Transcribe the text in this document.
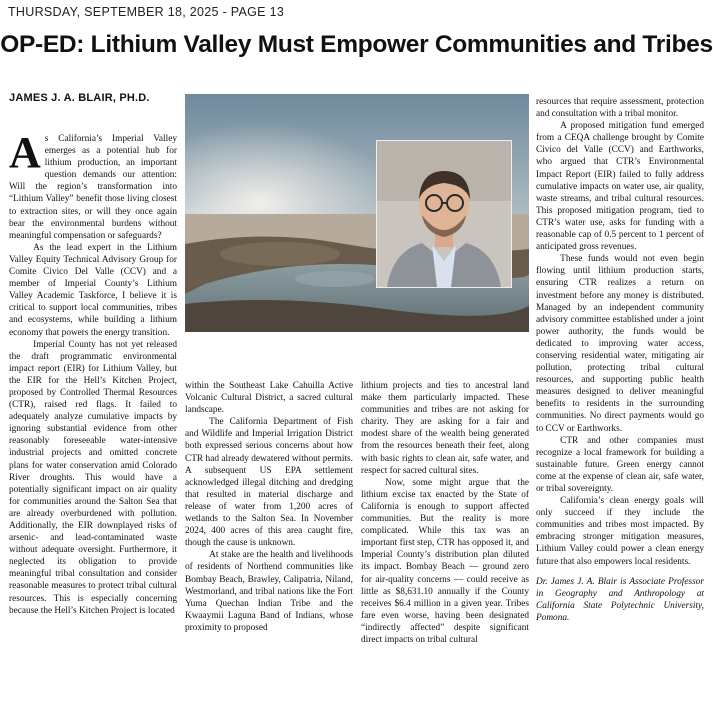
THURSDAY, SEPTEMBER 18, 2025 - PAGE 13
OP-ED: Lithium Valley Must Empower Communities and Tribes
JAMES J. A. BLAIR, PH.D.

As California’s Imperial Valley emerges as a potential hub for lithium production, an important question demands our attention: Will the region’s transformation into “Lithium Valley” benefit those living closest to extraction sites, or will they once again bear the environmental burdens without meaningful compensation or safeguards?

As the lead expert in the Lithium Valley Equity Technical Advisory Group for Comite Civico Del Valle (CCV) and a member of Imperial County’s Lithium Valley Academic Taskforce, I believe it is critical to support local communities, tribes and ecosystems, while building a lithium economy that powers the energy transition.

Imperial County has not yet released the draft programmatic environmental impact report (EIR) for Lithium Valley, but the EIR for the Hell’s Kitchen Project, proposed by Controlled Thermal Resources (CTR), raised red flags. It failed to adequately analyze cumulative impacts by ignoring substantial evidence from other reasonably foreseeable water-intensive industrial projects and omitted concrete plans for water conservation amid Colorado River droughts. This would have a potentially significant impact on air quality for communities around the Salton Sea that are already overburdened with pollution. Additionally, the EIR downplayed risks of arsenic- and lead-contaminated waste without adequate oversight. Furthermore, it neglected its obligation to provide meaningful tribal consultation and consider reasonable measures to protect tribal cultural resources. This is especially concerning because the Hell’s Kitchen Project is located

within the Southeast Lake Cahuilla Active Volcanic Cultural District, a sacred cultural landscape.

The California Department of Fish and Wildlife and Imperial Irrigation District both expressed serious concerns about how CTR had already dewatered without permits. A subsequent US EPA settlement acknowledged illegal ditching and dredging that resulted in material discharge and release of water from 1,200 acres of wetlands to the Salton Sea. In November 2024, 400 acres of this area caught fire, though the cause is unknown.

At stake are the health and livelihoods of residents of Northend communities like Bombay Beach, Brawley, Calipatria, Niland, Westmorland, and tribal nations like the Fort Yuma Quechan Indian Tribe and the Kwaaymii Laguna Band of Indians, whose proximity to proposed

lithium projects and ties to ancestral land make them particularly impacted. These communities and tribes are not asking for charity. They are asking for a fair and modest share of the wealth being generated from the resources beneath their feet, along with basic rights to clean air, safe water, and respect for sacred cultural sites.

Now, some might argue that the lithium excise tax enacted by the State of California is enough to support affected communities. But the reality is more complicated. While this tax was an important first step, CTR has opposed it, and Imperial County’s distribution plan diluted its impact. Bombay Beach — ground zero for air-quality concerns — could receive as little as $8,631.10 annually if the County receives $6.4 million in a given year. Tribes fare even worse, having been designated “indirectly affected” despite significant direct impacts on tribal cultural

resources that require assessment, protection and consultation with a tribal monitor.

A proposed mitigation fund emerged from a CEQA challenge brought by Comite Civico del Valle (CCV) and Earthworks, who argued that CTR’s Environmental Impact Report (EIR) failed to fully address cumulative impacts on water use, air quality, waste streams, and tribal cultural resources. This proposed mitigation program, tied to CTR’s water use, asks for funding with a reasonable cap of 0.5 percent to 1 percent of anticipated gross revenues.

These funds would not even begin flowing until lithium production starts, ensuring CTR realizes a return on investment before any money is distributed. Managed by an independent community advisory committee established under a joint power authority, the funds would be dedicated to improving water access, conserving residential water, mitigating air pollution, protecting tribal cultural resources, and supporting public health measures designed to deliver meaningful benefits to residents in the surrounding communities. No direct payments would go to CCV or Earthworks.

CTR and other companies must recognize a local framework for building a sustainable future. Green energy cannot come at the expense of clean air, safe water, or tribal sovereignty.

California’s clean energy goals will only succeed if they include the communities and tribes most impacted. By embracing stronger mitigation measures, Lithium Valley could power a clean energy future that also empowers local residents.

Dr. James J. A. Blair is Associate Professor in Geography and Anthropology at California State Polytechnic University, Pomona.
